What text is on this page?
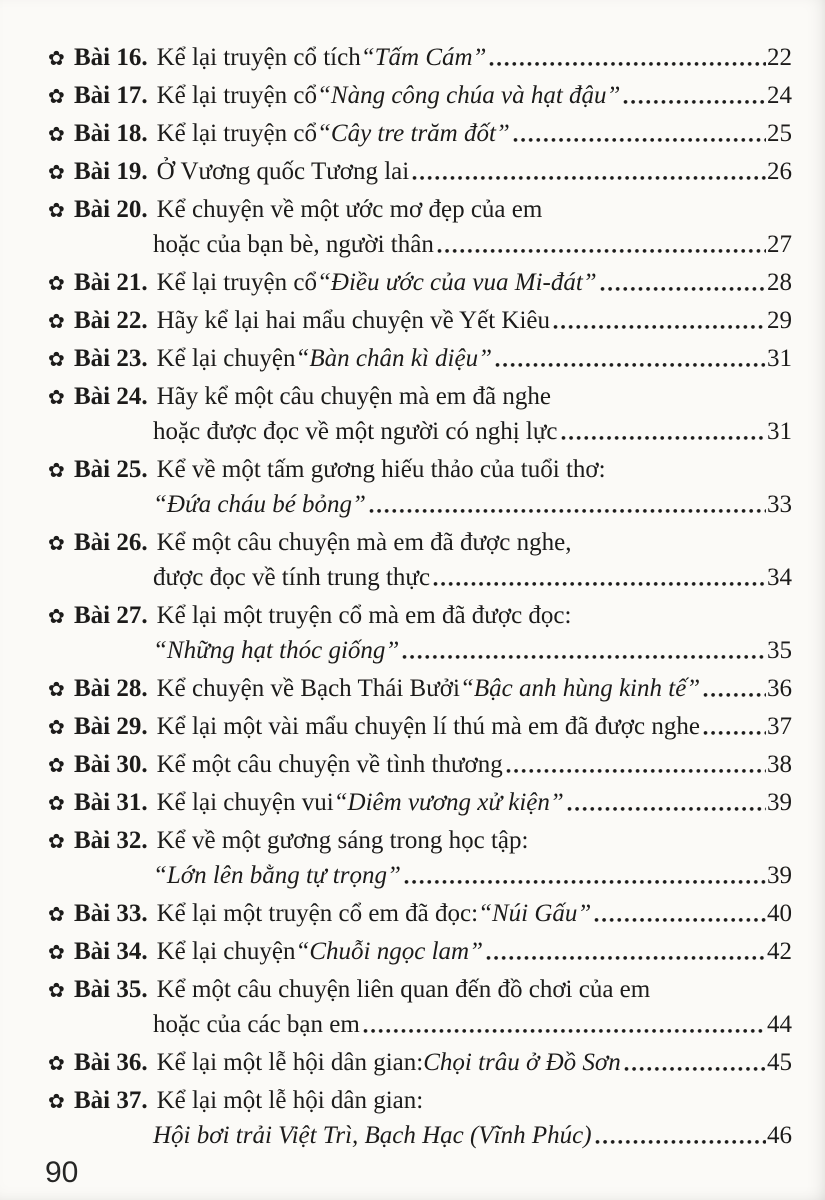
✿ Bài 16. Kể lại truyện cổ tích “Tấm Cám”	22
✿ Bài 17. Kể lại truyện cổ “Nàng công chúa và hạt đậu”	24
✿ Bài 18. Kể lại truyện cổ “Cây tre trăm đốt”	25
✿ Bài 19. Ở Vương quốc Tương lai	26
✿ Bài 20. Kể chuyện về một ước mơ đẹp của em
hoặc của bạn bè, người thân	27
✿ Bài 21. Kể lại truyện cổ “Điều ước của vua Mi-đát”	28
✿ Bài 22. Hãy kể lại hai mẩu chuyện về Yết Kiêu	29
✿ Bài 23. Kể lại chuyện “Bàn chân kì diệu”	31
✿ Bài 24. Hãy kể một câu chuyện mà em đã nghe
hoặc được đọc về một người có nghị lực	31
✿ Bài 25. Kể về một tấm gương hiếu thảo của tuổi thơ:
“Đứa cháu bé bỏng”	33
✿ Bài 26. Kể một câu chuyện mà em đã được nghe,
được đọc về tính trung thực	34
✿ Bài 27. Kể lại một truyện cổ mà em đã được đọc:
“Những hạt thóc giống”	35
✿ Bài 28. Kể chuyện về Bạch Thái Bưởi “Bậc anh hùng kinh tế”	36
✿ Bài 29. Kể lại một vài mẩu chuyện lí thú mà em đã được nghe	37
✿ Bài 30. Kể một câu chuyện về tình thương	38
✿ Bài 31. Kể lại chuyện vui “Diêm vương xử kiện”	39
✿ Bài 32. Kể về một gương sáng trong học tập:
“Lớn lên bằng tự trọng”	39
✿ Bài 33. Kể lại một truyện cổ em đã đọc: “Núi Gấu”	40
✿ Bài 34. Kể lại chuyện “Chuỗi ngọc lam”	42
✿ Bài 35. Kể một câu chuyện liên quan đến đồ chơi của em
hoặc của các bạn em	44
✿ Bài 36. Kể lại một lễ hội dân gian: Chọi trâu ở Đồ Sơn	45
✿ Bài 37. Kể lại một lễ hội dân gian:
Hội bơi trải Việt Trì, Bạch Hạc (Vĩnh Phúc)	46
90
